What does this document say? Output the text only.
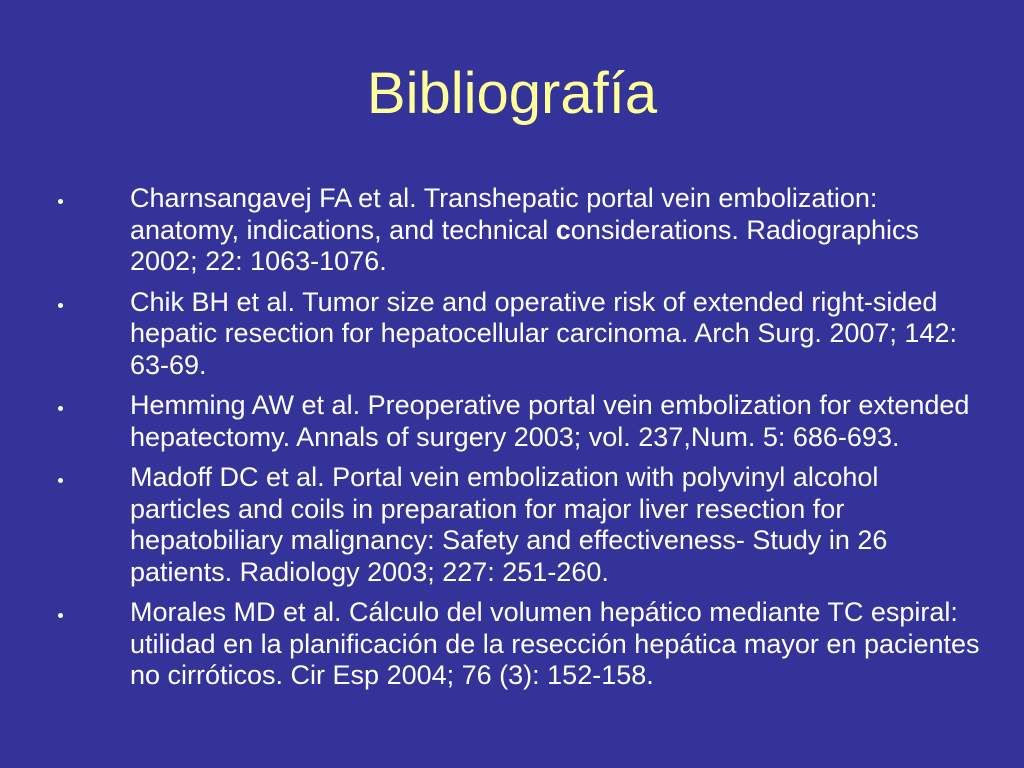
Bibliografía
Charnsangavej FA et al. Transhepatic portal vein embolization: anatomy, indications, and technical considerations. Radiographics 2002; 22: 1063-1076.
Chik BH et al. Tumor size and operative risk of extended right-sided hepatic resection for hepatocellular carcinoma. Arch Surg. 2007; 142: 63-69.
Hemming AW et al. Preoperative portal vein embolization for extended hepatectomy. Annals of surgery 2003; vol. 237,Num. 5: 686-693.
Madoff DC et al. Portal vein embolization with polyvinyl alcohol particles and coils in preparation for major liver resection for hepatobiliary malignancy: Safety and effectiveness- Study in 26 patients. Radiology 2003; 227: 251-260.
Morales MD et al. Cálculo del volumen hepático mediante TC espiral: utilidad en la planificación de la resección hepática mayor en pacientes no cirróticos. Cir Esp 2004; 76 (3): 152-158.
